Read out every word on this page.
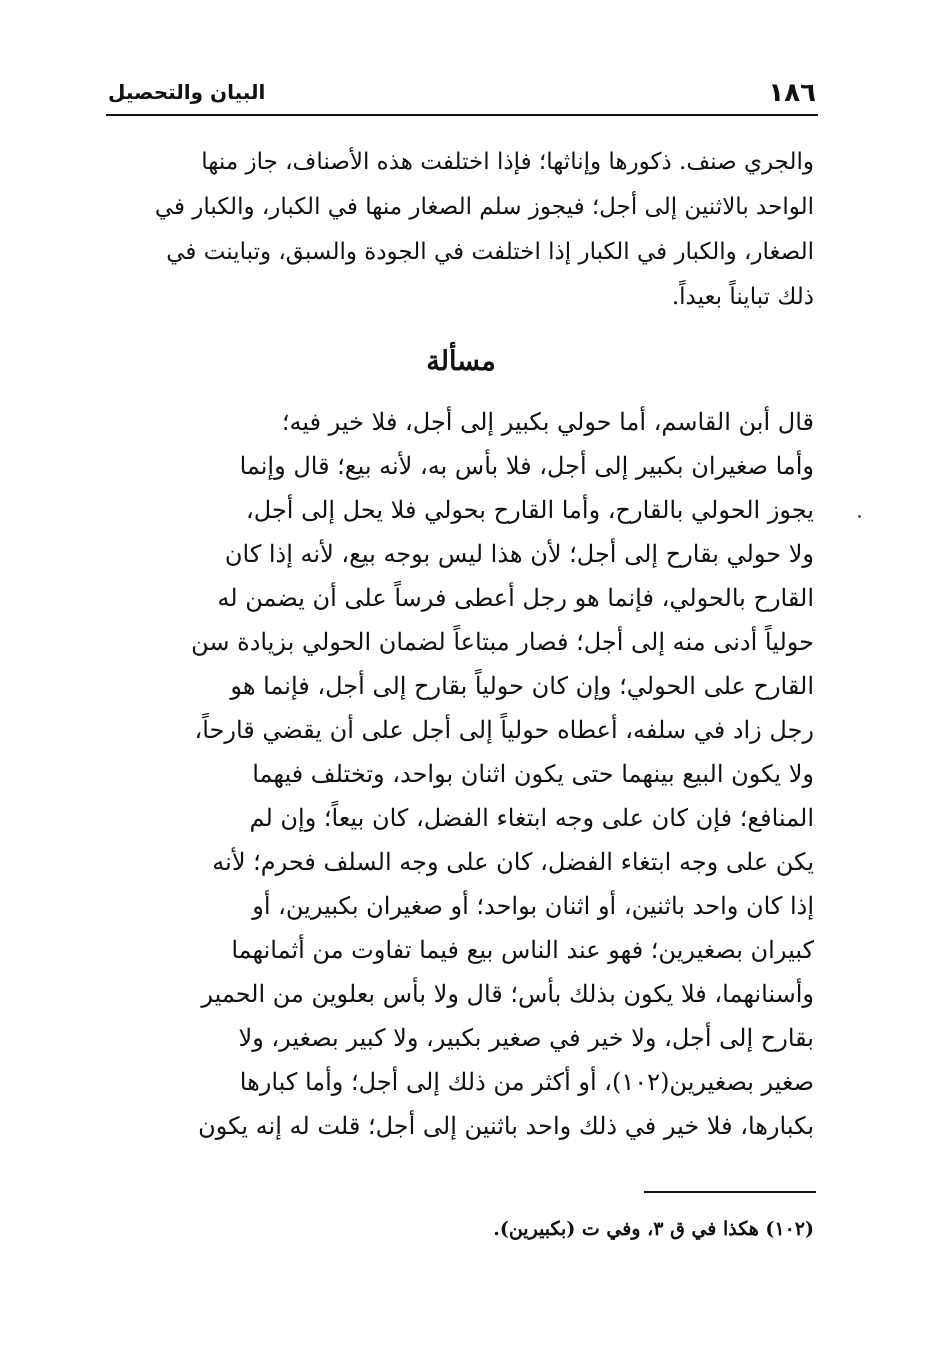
١٨٦
البيان والتحصيل
والجري صنف. ذكورها وإناثها؛ فإذا اختلفت هذه الأصناف، جاز منها
الواحد بالاثنين إلى أجل؛ فيجوز سلم الصغار منها في الكبار، والكبار في
الصغار، والكبار في الكبار إذا اختلفت في الجودة والسبق، وتباينت في
ذلك تبايناً بعيداً.
مسألة
قال أبن القاسم، أما حولي بكبير إلى أجل، فلا خير فيه؛
وأما صغيران بكبير إلى أجل، فلا بأس به، لأنه بيع؛ قال وإنما
يجوز الحولي بالقارح، وأما القارح بحولي فلا يحل إلى أجل،
ولا حولي بقارح إلى أجل؛ لأن هذا ليس بوجه بيع، لأنه إذا كان
القارح بالحولي، فإنما هو رجل أعطى فرساً على أن يضمن له
حولياً أدنى منه إلى أجل؛ فصار مبتاعاً لضمان الحولي بزيادة سن
القارح على الحولي؛ وإن كان حولياً بقارح إلى أجل، فإنما هو
رجل زاد في سلفه، أعطاه حولياً إلى أجل على أن يقضي قارحاً،
ولا يكون البيع بينهما حتى يكون اثنان بواحد، وتختلف فيهما
المنافع؛ فإن كان على وجه ابتغاء الفضل، كان بيعاً؛ وإن لم
يكن على وجه ابتغاء الفضل، كان على وجه السلف فحرم؛ لأنه
إذا كان واحد باثنين، أو اثنان بواحد؛ أو صغيران بكبيرين، أو
كبيران بصغيرين؛ فهو عند الناس بيع فيما تفاوت من أثمانهما
وأسنانهما، فلا يكون بذلك بأس؛ قال ولا بأس بعلوين من الحمير
بقارح إلى أجل، ولا خير في صغير بكبير، ولا كبير بصغير، ولا
صغير بصغيرين(١٠٢)، أو أكثر من ذلك إلى أجل؛ وأما كبارها
بكبارها، فلا خير في ذلك واحد باثنين إلى أجل؛ قلت له إنه يكون
(١٠٢) هكذا في ق ٣، وفي ت (بكبيرين).
